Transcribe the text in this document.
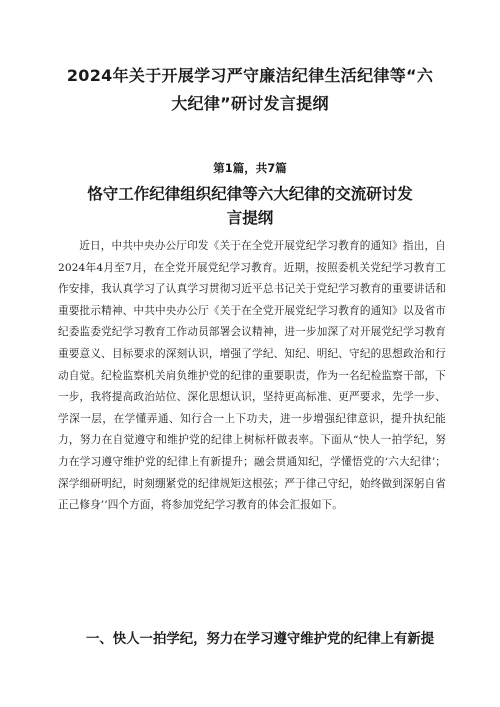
2024年关于开展学习严守廉洁纪律生活纪律等“六大纪律”研讨发言提纲
第1篇，共7篇
恪守工作纪律组织纪律等六大纪律的交流研讨发言提纲

近日，中共中央办公厅印发《关于在全党开展党纪学习教育的通知》指出，自2024年4月至7月，在全党开展党纪学习教育。近期，按照委机关党纪学习教育工作安排，我认真学习了认真学习贯彻习近平总书记关于党纪学习教育的重要讲话和重要批示精神、中共中央办公厅《关于在全党开展党纪学习教育的通知》以及省市纪委监委党纪学习教育工作动员部署会议精神，进一步加深了对开展党纪学习教育重要意义、目标要求的深刻认识，增强了学纪、知纪、明纪、守纪的思想政治和行动自觉。纪检监察机关肩负维护党的纪律的重要职责，作为一名纪检监察干部，下一步，我将提高政治站位、深化思想认识，坚持更高标准、更严要求，先学一步、学深一层，在学懂弄通、知行合一上下功夫，进一步增强纪律意识，提升执纪能力，努力在自觉遵守和维护党的纪律上树标杆做表率。下面从“快人一拍学纪，努力在学习遵守维护党的纪律上有新提升；融会贯通知纪，学懂悟党的‘六大纪律’；深学细研明纪，时刻绷紧党的纪律规矩这根弦；严于律己守纪，始终做到深躬自省正己修身’’四个方面，将参加党纪学习教育的体会汇报如下。

一、快人一拍学纪，努力在学习遵守维护党的纪律上有新提
